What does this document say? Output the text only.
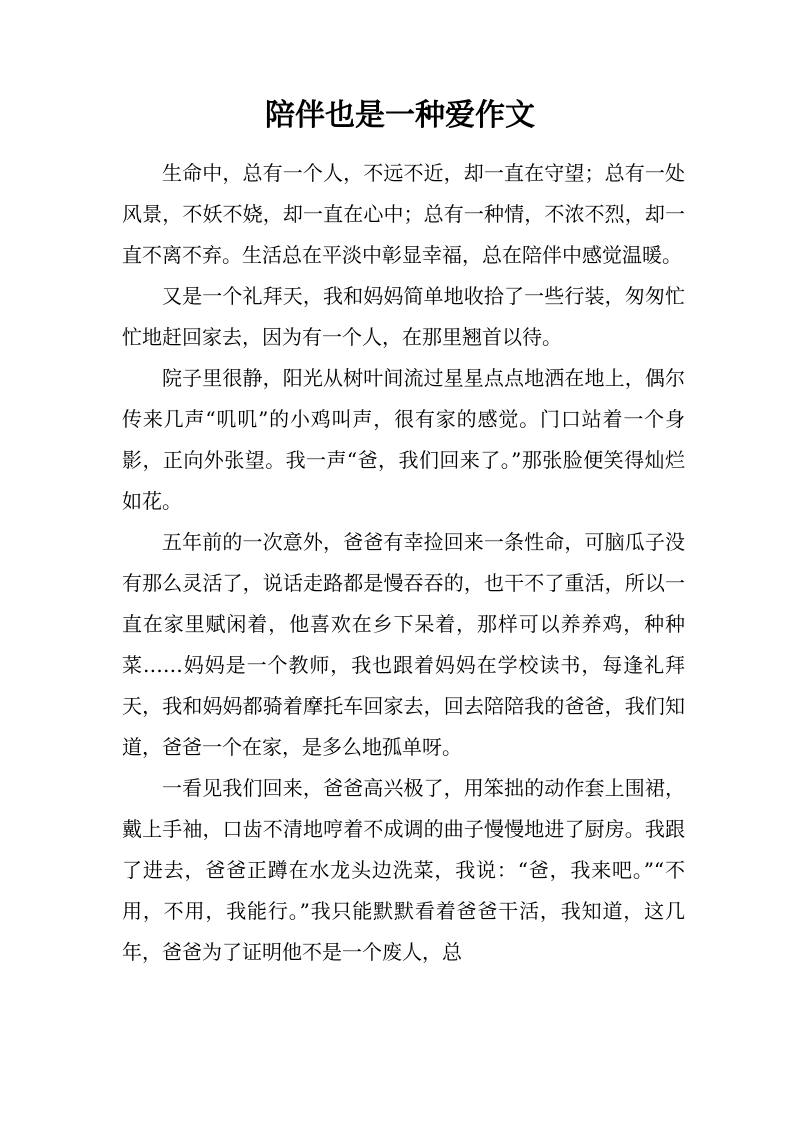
陪伴也是一种爱作文

生命中，总有一个人，不远不近，却一直在守望；总有一处风景，不妖不娆，却一直在心中；总有一种情，不浓不烈，却一直不离不弃。生活总在平淡中彰显幸福，总在陪伴中感觉温暖。

又是一个礼拜天，我和妈妈简单地收拾了一些行装，匆匆忙忙地赶回家去，因为有一个人，在那里翘首以待。

院子里很静，阳光从树叶间流过星星点点地洒在地上，偶尔传来几声“叽叽”的小鸡叫声，很有家的感觉。门口站着一个身影，正向外张望。我一声“爸，我们回来了。”那张脸便笑得灿烂如花。

五年前的一次意外，爸爸有幸捡回来一条性命，可脑瓜子没有那么灵活了，说话走路都是慢吞吞的，也干不了重活，所以一直在家里赋闲着，他喜欢在乡下呆着，那样可以养养鸡，种种菜……妈妈是一个教师，我也跟着妈妈在学校读书，每逢礼拜天，我和妈妈都骑着摩托车回家去，回去陪陪我的爸爸，我们知道，爸爸一个在家，是多么地孤单呀。

一看见我们回来，爸爸高兴极了，用笨拙的动作套上围裙，戴上手袖，口齿不清地哼着不成调的曲子慢慢地进了厨房。我跟了进去，爸爸正蹲在水龙头边洗菜，我说：“爸，我来吧。”“不用，不用，我能行。”我只能默默看着爸爸干活，我知道，这几年，爸爸为了证明他不是一个废人，总
